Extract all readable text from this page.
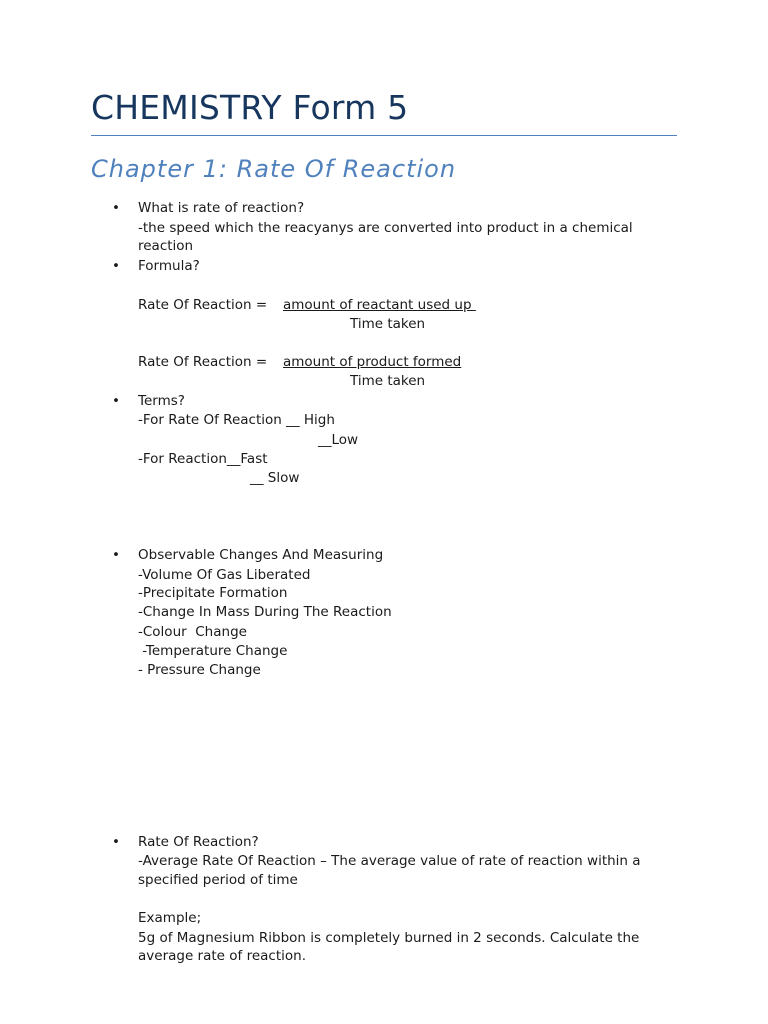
CHEMISTRY Form 5
Chapter 1: Rate Of Reaction
• What is rate of reaction?
-the speed which the reacyanys are converted into product in a chemical
reaction
• Formula?
Rate Of Reaction = amount of reactant used up
Time taken
Rate Of Reaction = amount of product formed
Time taken
• Terms?
-For Rate Of Reaction __ High
__Low
-For Reaction__Fast
__ Slow
• Observable Changes And Measuring
-Volume Of Gas Liberated
-Precipitate Formation
-Change In Mass During The Reaction
-Colour  Change
-Temperature Change
- Pressure Change
• Rate Of Reaction?
-Average Rate Of Reaction – The average value of rate of reaction within a
specified period of time
Example;
5g of Magnesium Ribbon is completely burned in 2 seconds. Calculate the
average rate of reaction.
